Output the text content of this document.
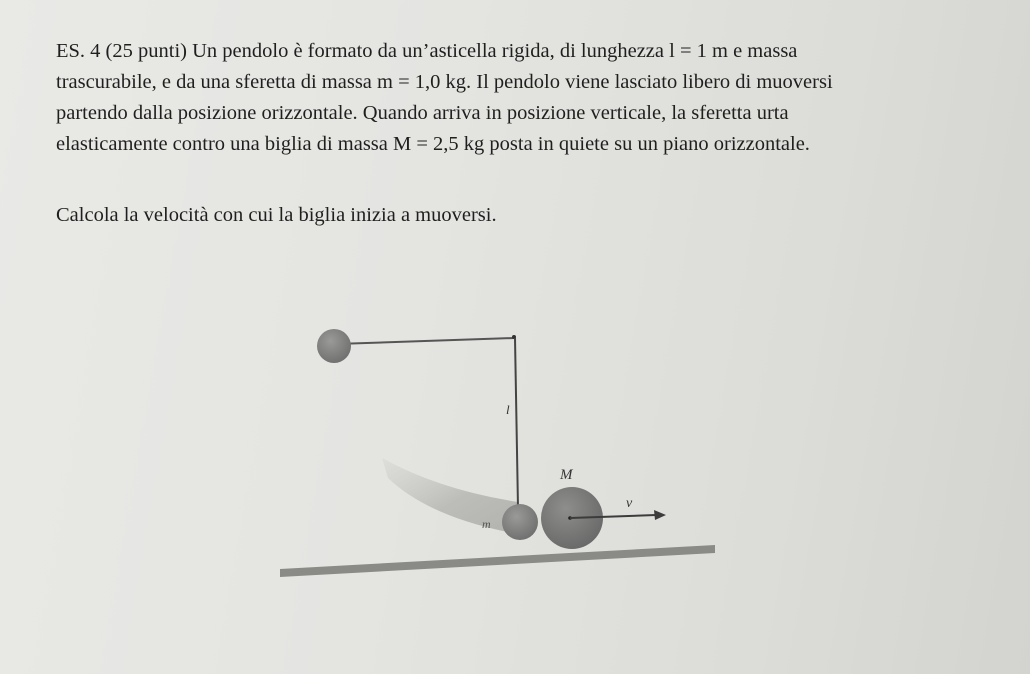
ES. 4 (25 punti) Un pendolo è formato da un’asticella rigida, di lunghezza l = 1 m e massa
trascurabile, e da una sferetta di massa m = 1,0 kg. Il pendolo viene lasciato libero di muoversi
partendo dalla posizione orizzontale. Quando arriva in posizione verticale, la sferetta urta
elasticamente contro una biglia di massa M = 2,5 kg posta in quiete su un piano orizzontale.
Calcola la velocità con cui la biglia inizia a muoversi.
l
M
m
v⃗
